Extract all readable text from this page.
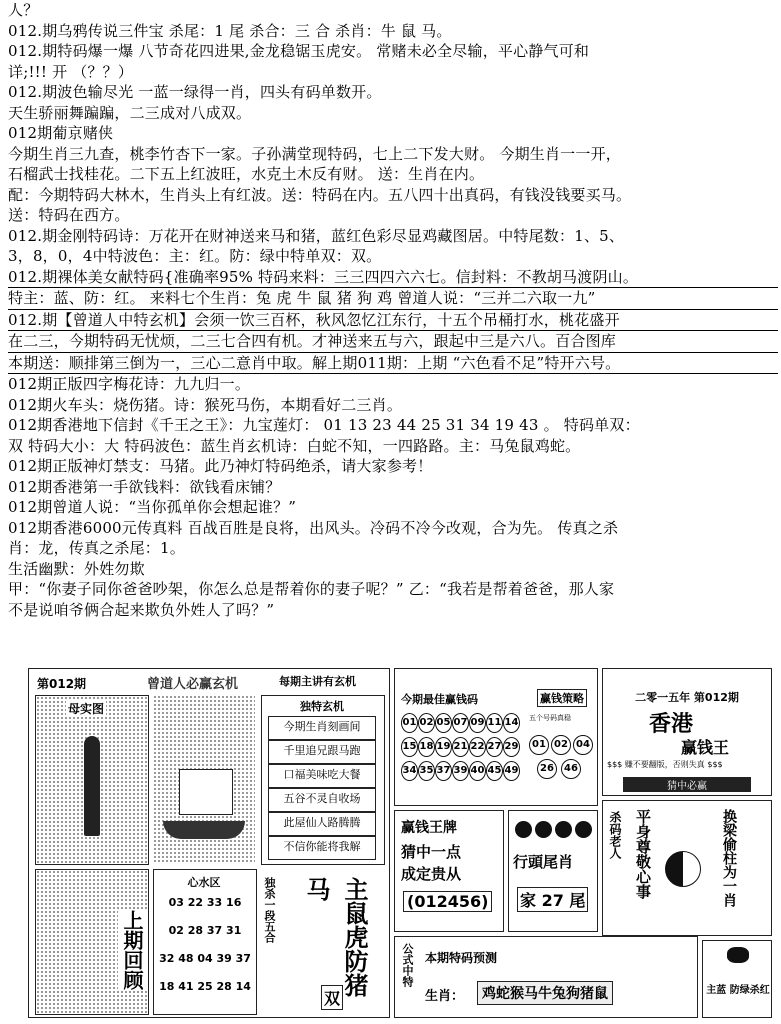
人？
012.期乌鸦传说三件宝 杀尾：1 尾 杀合：三 合 杀肖：牛 鼠 马。
012.期特码爆一爆 八节奇花四进果,金龙稳锯玉虎安。 常赌未必全尽输，平心静气可和
详;!!! 开 （？？）
012.期波色输尽光 一蓝一绿得一肖，四头有码单数开。
天生骄丽舞蹁蹁，二三成对八成双。
012期葡京赌侠
今期生肖三九查，桃李竹杏下一家。子孙满堂现特码，七上二下发大财。 今期生肖一一开，
石榴武士找桂花。二下五上红波旺，水克土木反有财。 送：生肖在内。
配：今期特码大林木，生肖头上有红波。送：特码在内。五八四十出真码，有钱没钱要买马。
送：特码在西方。
012.期金刚特码诗：万花开在财神送来马和猪，蓝红色彩尽显鸡藏图居。中特尾数：1、5、
3，8，0，4中特波色：主：红。防：绿中特单双：双。
012.期裸体美女献特码{准确率95% 特码来料：三三四四六六七。信封料：不教胡马渡阴山。
特主：蓝、防：红。 来料七个生肖：兔 虎 牛 鼠 猪 狗 鸡 曾道人说：“三并二六取一九”
012.期【曾道人中特玄机】会须一饮三百杯，秋风忽忆江东行，十五个吊桶打水，桃花盛开
在二三，今期特码无忧烦，二三七合四有机。才神送来五与六，跟起中三是六八。百合图库
本期送：顺排第三倒为一，三心二意肖中取。解上期011期：上期 “六色看不足”特开六号。
012期正版四字梅花诗：九九归一。
012期火车头：烧伤猪。诗：猴死马伤，本期看好二三肖。
012期香港地下信封《千王之王》：九宝莲灯： 01 13 23 44 25 31 34 19 43 。 特码单双：
双 特码大小：大 特码波色：蓝生肖玄机诗：白蛇不知，一四路路。主：马兔鼠鸡蛇。
012期正版神灯禁支：马猪。此乃神灯特码绝杀，请大家参考！
012期香港第一手欲钱料：欲钱看床铺？
012期曾道人说：“当你孤单你会想起谁？”
012期香港6000元传真料 百战百胜是良将，出风头。冷码不冷今改观，合为先。 传真之杀
肖：龙，传真之杀尾：1。
生活幽默：外姓勿欺
甲：“你妻子同你爸爸吵架，你怎么总是帮着你的妻子呢？” 乙：“我若是帮着爸爸，那人家
不是说咱爷俩合起来欺负外姓人了吗？”
第012期	曾道人必赢玄机	每期主讲有玄机
母实图	独特玄机
今期生肖刻画间
千里追兄跟马跑
口福美味吃大餐
五谷不灵自收场
此屋仙人路腾腾
不信你能将我解
上期回顾
心水区
03 22 33 16
02 28 37 31
32 48 04 39 37
18 41 25 28 14
独杀一段五合	主鼠虎防猪马
双
今期最佳赢钱码
01 02 05 07 09 11 14
15 18 19 21 22 27 29
34 35 37 39 40 45 49
赢钱策略
五个号码真稳
01 02 04
26	46
二零一五年 第012期
香港
赢钱王
$$$ 赚不要翻版，否则失真 $$$
猜中必赢
赢钱王牌
猜中一点
成定贵从
(012456)
行頭尾肖
家 27 尾
杀码老人 平身尊敬心事	换梁偷柱为一肖
公式中特 本期特码预测
生肖：	鸡蛇猴马牛兔狗猪鼠	主蓝 防绿杀红
